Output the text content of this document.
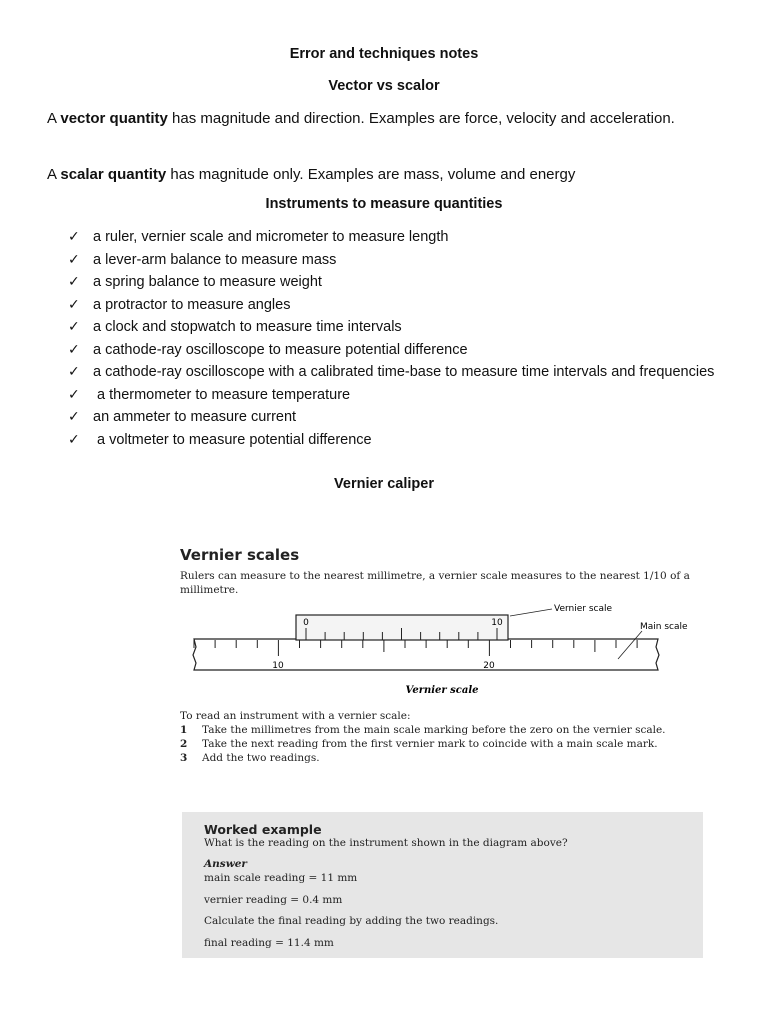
Error and techniques notes
Vector vs scalor
A vector quantity has magnitude and direction. Examples are force, velocity and acceleration.
A scalar quantity has magnitude only. Examples are mass, volume and energy
Instruments to measure quantities
✓ a ruler, vernier scale and micrometer to measure length
✓ a lever-arm balance to measure mass
✓ a spring balance to measure weight
✓ a protractor to measure angles
✓ a clock and stopwatch to measure time intervals
✓ a cathode-ray oscilloscope to measure potential difference
✓ a cathode-ray oscilloscope with a calibrated time-base to measure time intervals and frequencies
✓ a thermometer to measure temperature
✓ an ammeter to measure current
✓ a voltmeter to measure potential difference
Vernier caliper
Vernier scales
Rulers can measure to the nearest millimetre, a vernier scale measures to the nearest 1/10 of a millimetre.
0	10
10	20
Vernier scale
Main scale
Vernier scale
To read an instrument with a vernier scale:
1	Take the millimetres from the main scale marking before the zero on the vernier scale.
2	Take the next reading from the first vernier mark to coincide with a main scale mark.
3	Add the two readings.
Worked example
What is the reading on the instrument shown in the diagram above?
Answer
main scale reading = 11 mm
vernier reading = 0.4 mm
Calculate the final reading by adding the two readings.
final reading = 11.4 mm
